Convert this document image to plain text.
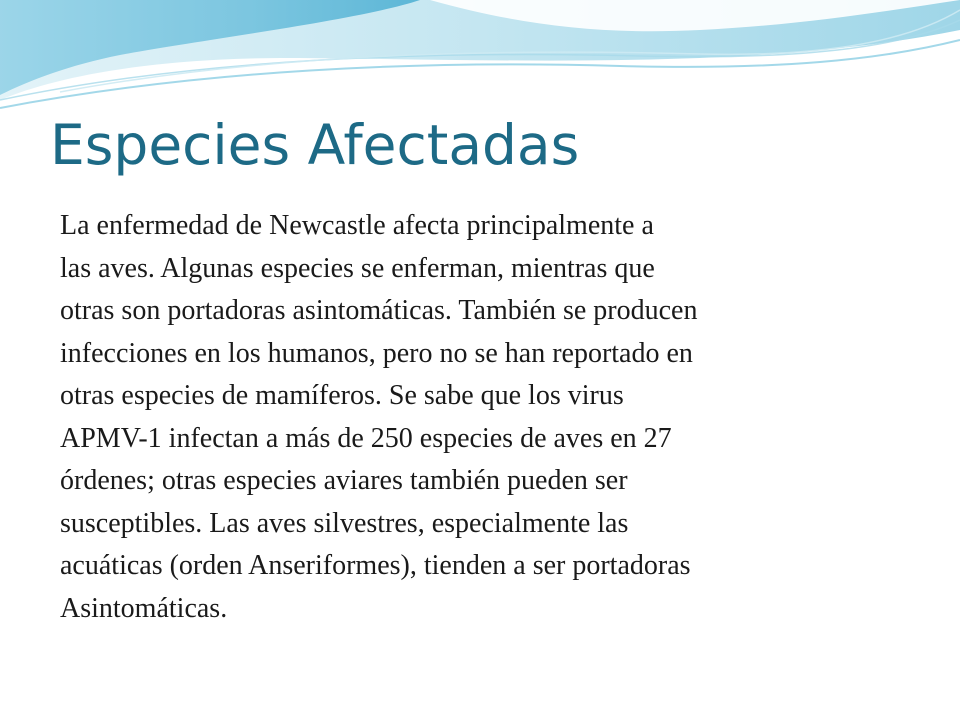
Especies Afectadas
La enfermedad de Newcastle afecta principalmente a
las aves. Algunas especies se enferman, mientras que
otras son portadoras asintomáticas. También se producen
infecciones en los humanos, pero no se han reportado en
otras especies de mamíferos. Se sabe que los virus
APMV-1 infectan a más de 250 especies de aves en 27
órdenes; otras especies aviares también pueden ser
susceptibles. Las aves silvestres, especialmente las
acuáticas (orden Anseriformes), tienden a ser portadoras
Asintomáticas.
